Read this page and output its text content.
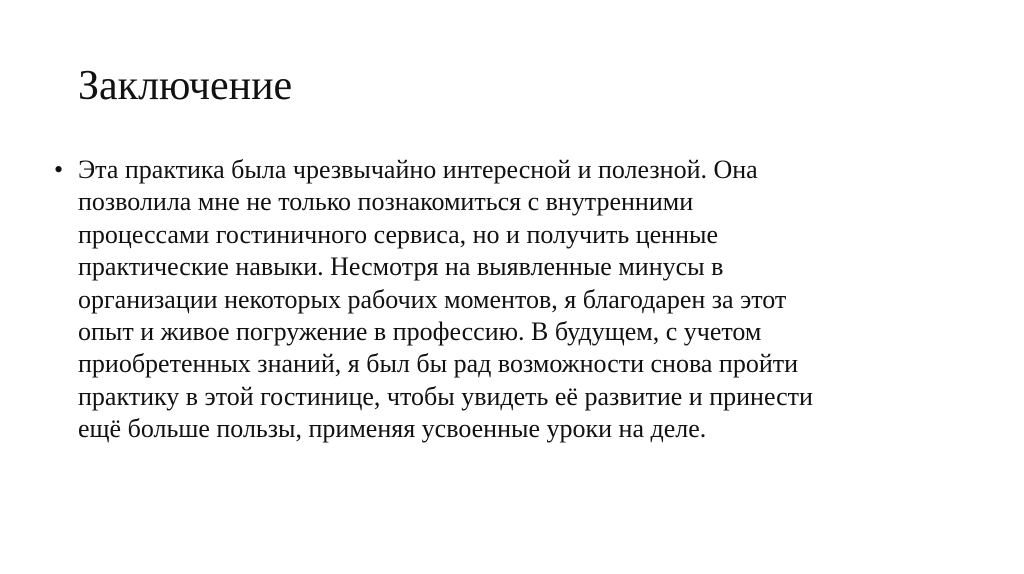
Заключение
• Эта практика была чрезвычайно интересной и полезной. Она
позволила мне не только познакомиться с внутренними
процессами гостиничного сервиса, но и получить ценные
практические навыки. Несмотря на выявленные минусы в
организации некоторых рабочих моментов, я благодарен за этот
опыт и живое погружение в профессию. В будущем, с учетом
приобретенных знаний, я был бы рад возможности снова пройти
практику в этой гостинице, чтобы увидеть её развитие и принести
ещё больше пользы, применяя усвоенные уроки на деле.
